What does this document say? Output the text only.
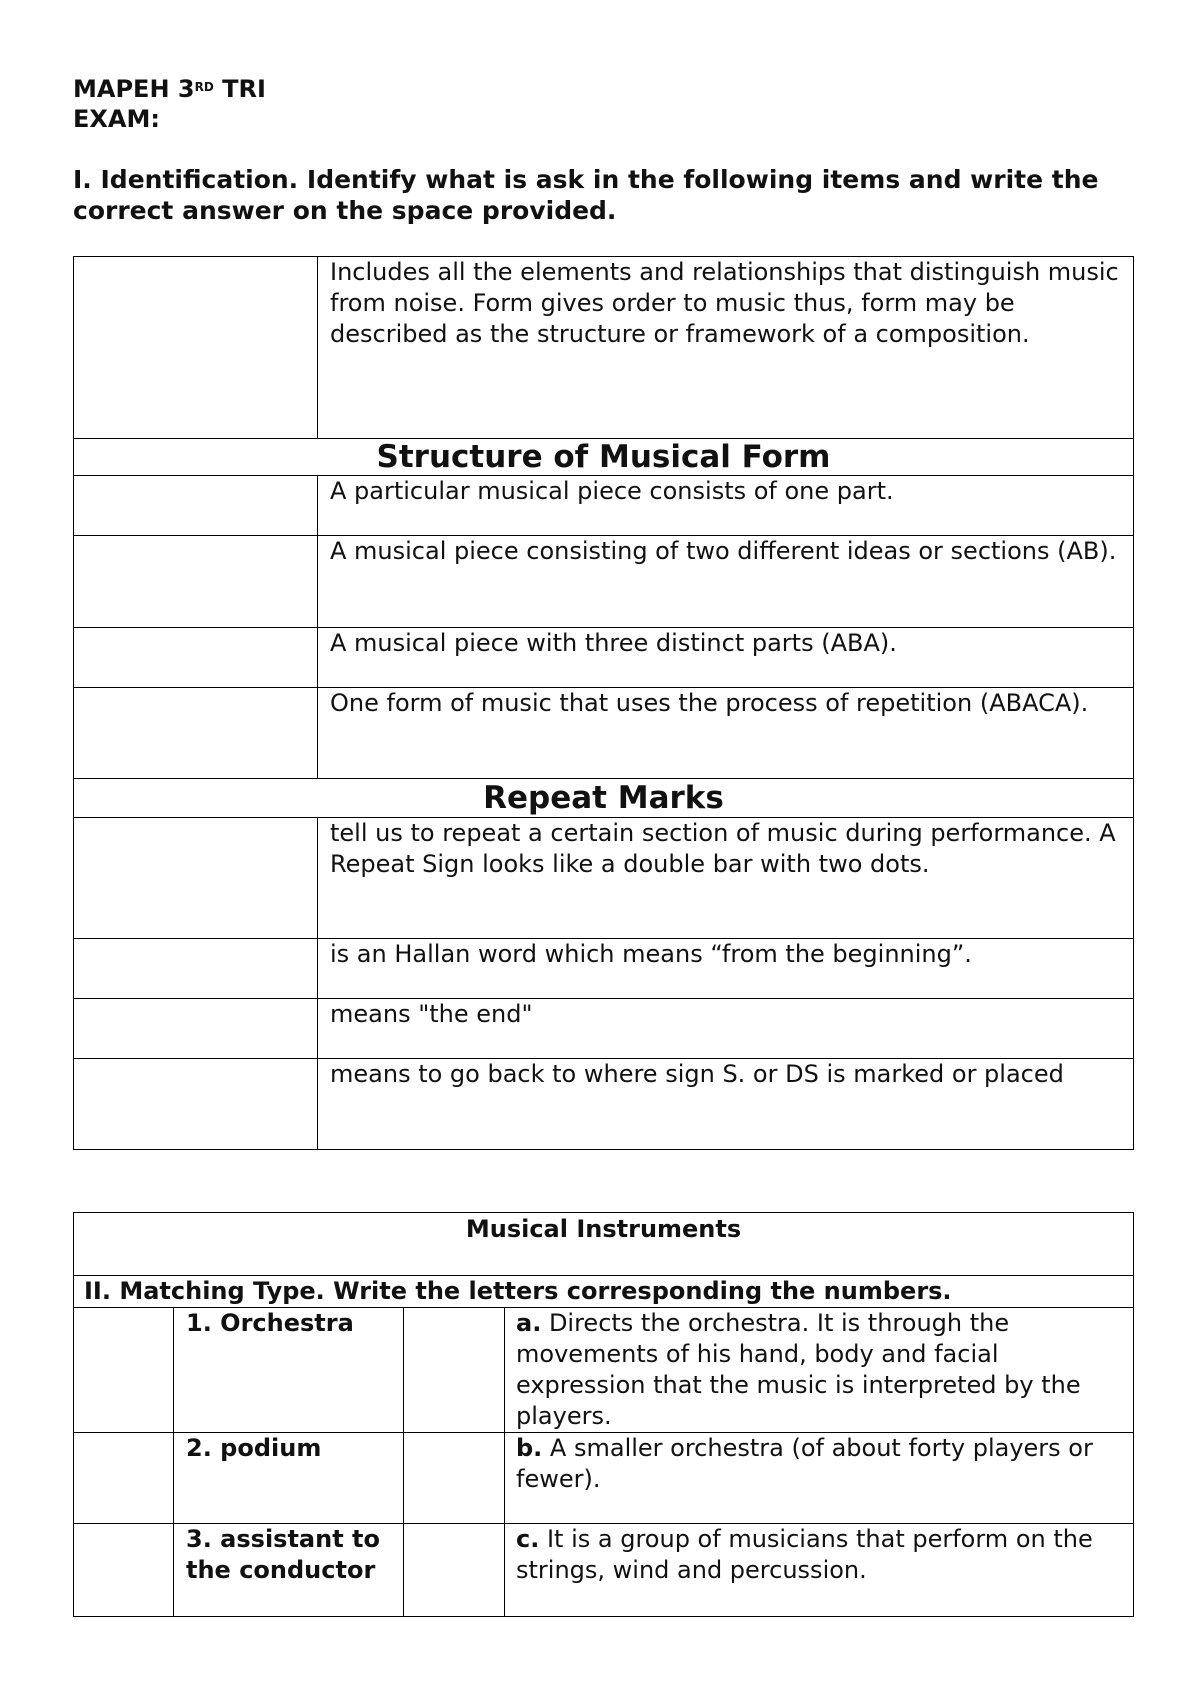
MAPEH 3RD TRI
EXAM:
I. Identification. Identify what is ask in the following items and write the correct answer on the space provided.
	Includes all the elements and relationships that distinguish music from noise. Form gives order to music thus, form may be described as the structure or framework of a composition.
Structure of Musical Form	
	A particular musical piece consists of one part.
	A musical piece consisting of two different ideas or sections (AB).
	A musical piece with three distinct parts (ABA).
	One form of music that uses the process of repetition (ABACA).
Repeat Marks	
	tell us to repeat a certain section of music during performance. A Repeat Sign looks like a double bar with two dots.
	is an Hallan word which means “from the beginning”.
	means "the end"
	means to go back to where sign S. or DS is marked or placed
Musical Instruments			
II. Matching Type. Write the letters corresponding the numbers.			
	1. Orchestra		a. Directs the orchestra. It is through the movements of his hand, body and facial expression that the music is interpreted by the players.
	2. podium		b. A smaller orchestra (of about forty players or fewer).
	3. assistant to the conductor		c. It is a group of musicians that perform on the strings, wind and percussion.
